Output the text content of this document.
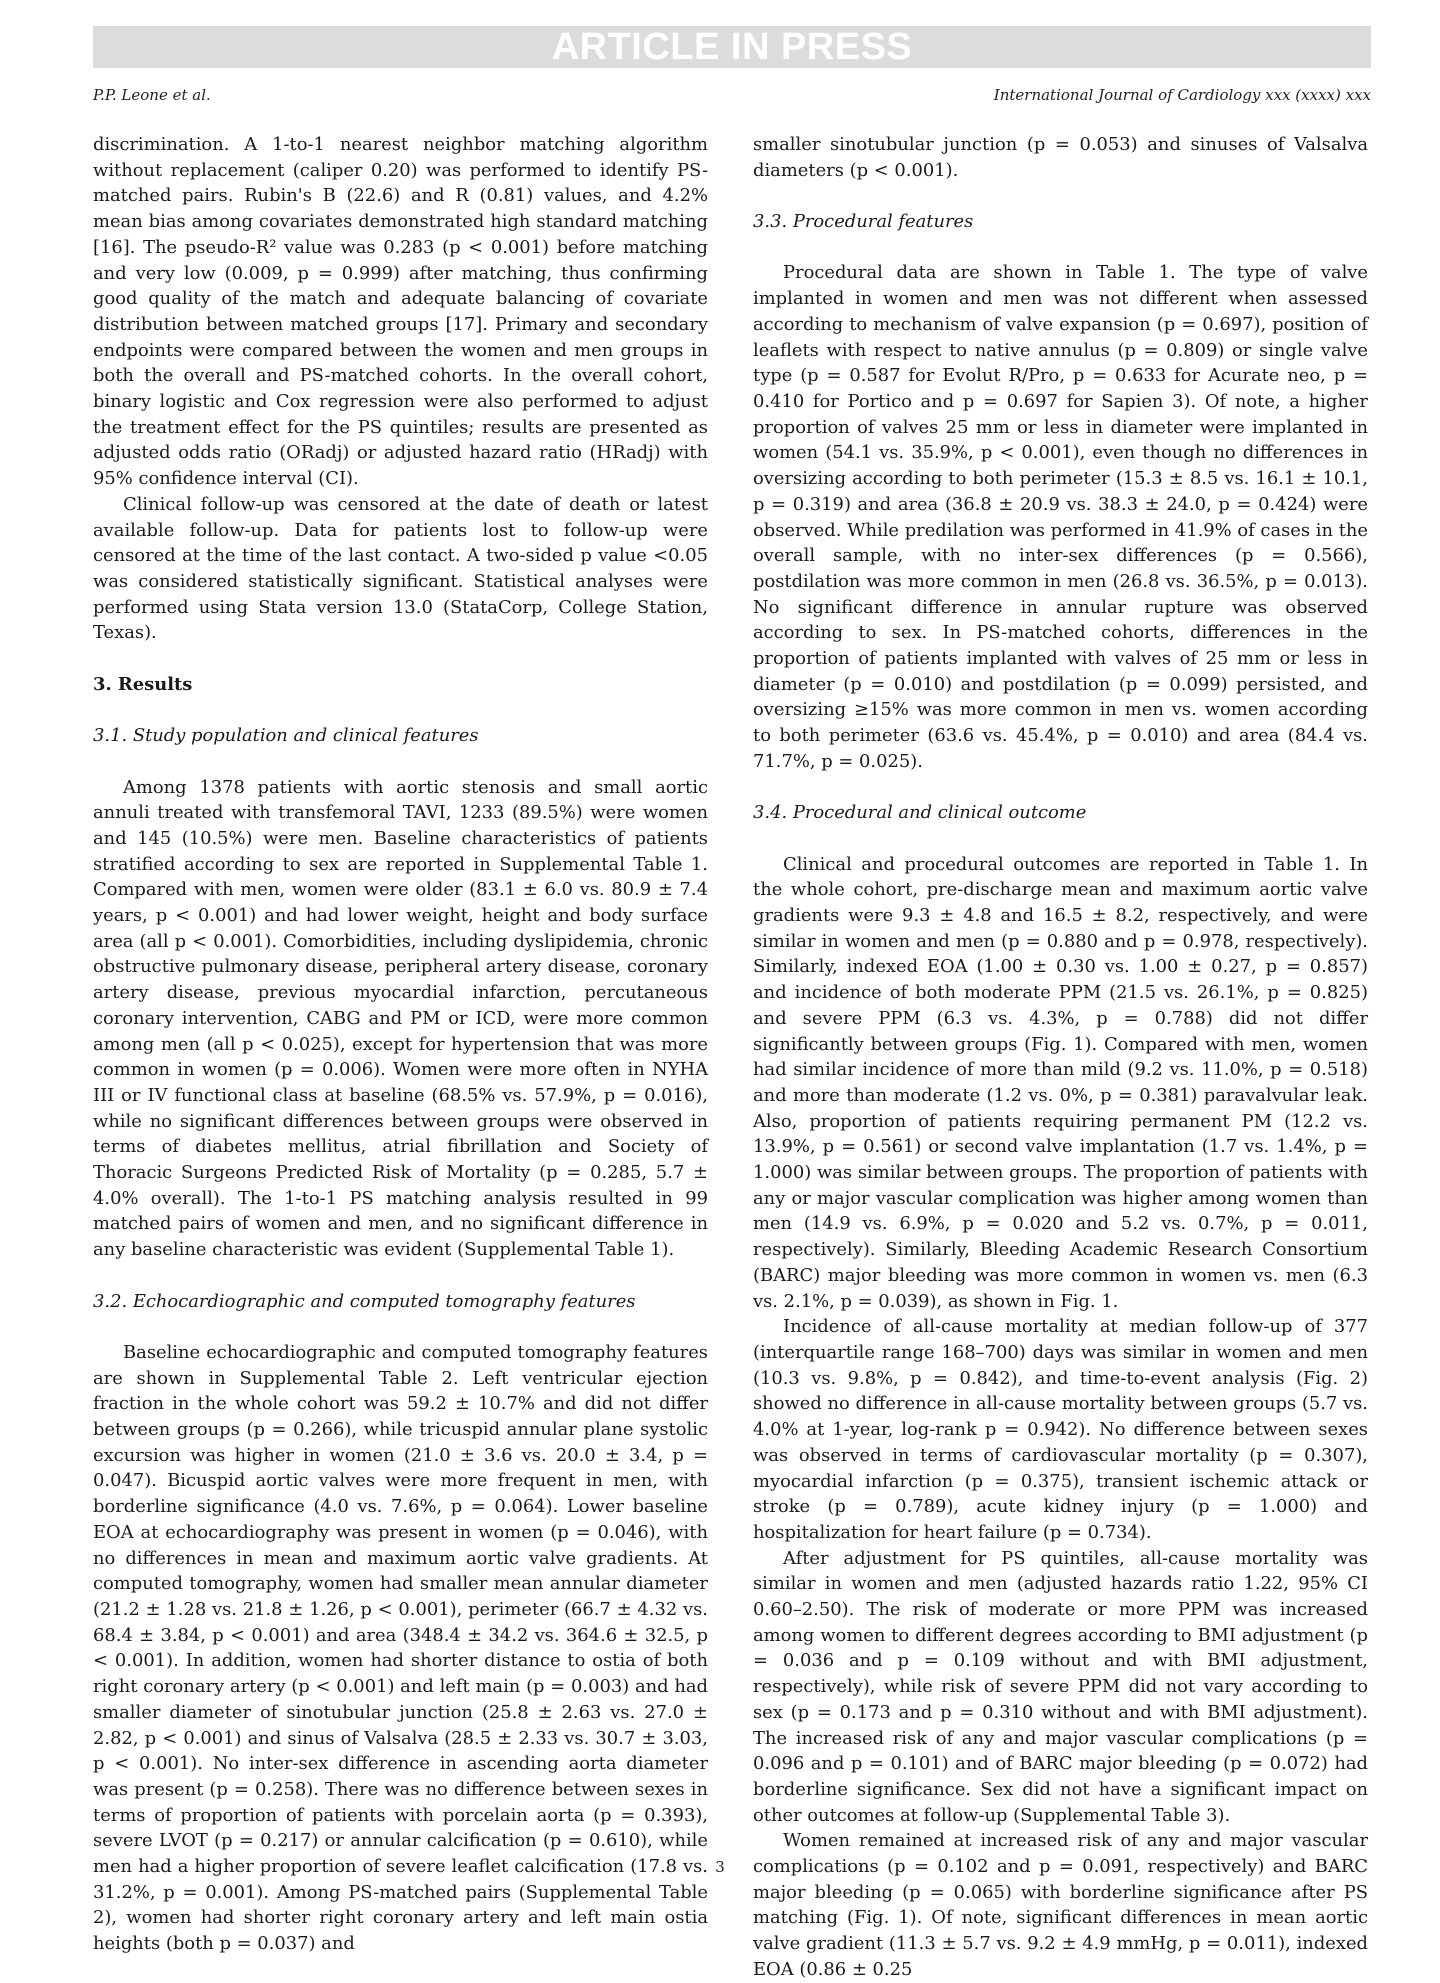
ARTICLE IN PRESS
P.P. Leone et al.	International Journal of Cardiology xxx (xxxx) xxx

discrimination. A 1-to-1 nearest neighbor matching algorithm without replacement (caliper 0.20) was performed to identify PS-matched pairs. Rubin's B (22.6) and R (0.81) values, and 4.2% mean bias among covariates demonstrated high standard matching [16]. The pseudo-R² value was 0.283 (p < 0.001) before matching and very low (0.009, p = 0.999) after matching, thus confirming good quality of the match and adequate balancing of covariate distribution between matched groups [17]. Primary and secondary endpoints were compared between the women and men groups in both the overall and PS-matched cohorts. In the overall cohort, binary logistic and Cox regression were also performed to adjust the treatment effect for the PS quintiles; results are presented as adjusted odds ratio (ORadj) or adjusted hazard ratio (HRadj) with 95% confidence interval (CI).

Clinical follow-up was censored at the date of death or latest available follow-up. Data for patients lost to follow-up were censored at the time of the last contact. A two-sided p value <0.05 was considered statistically significant. Statistical analyses were performed using Stata version 13.0 (StataCorp, College Station, Texas).

3. Results
3.1. Study population and clinical features

Among 1378 patients with aortic stenosis and small aortic annuli treated with transfemoral TAVI, 1233 (89.5%) were women and 145 (10.5%) were men. Baseline characteristics of patients stratified according to sex are reported in Supplemental Table 1. Compared with men, women were older (83.1 ± 6.0 vs. 80.9 ± 7.4 years, p < 0.001) and had lower weight, height and body surface area (all p < 0.001). Comorbidities, including dyslipidemia, chronic obstructive pulmonary disease, peripheral artery disease, coronary artery disease, previous myocardial infarction, percutaneous coronary intervention, CABG and PM or ICD, were more common among men (all p < 0.025), except for hypertension that was more common in women (p = 0.006). Women were more often in NYHA III or IV functional class at baseline (68.5% vs. 57.9%, p = 0.016), while no significant differences between groups were observed in terms of diabetes mellitus, atrial fibrillation and Society of Thoracic Surgeons Predicted Risk of Mortality (p = 0.285, 5.7 ± 4.0% overall). The 1-to-1 PS matching analysis resulted in 99 matched pairs of women and men, and no significant difference in any baseline characteristic was evident (Supplemental Table 1).

3.2. Echocardiographic and computed tomography features

Baseline echocardiographic and computed tomography features are shown in Supplemental Table 2. Left ventricular ejection fraction in the whole cohort was 59.2 ± 10.7% and did not differ between groups (p = 0.266), while tricuspid annular plane systolic excursion was higher in women (21.0 ± 3.6 vs. 20.0 ± 3.4, p = 0.047). Bicuspid aortic valves were more frequent in men, with borderline significance (4.0 vs. 7.6%, p = 0.064). Lower baseline EOA at echocardiography was present in women (p = 0.046), with no differences in mean and maximum aortic valve gradients. At computed tomography, women had smaller mean annular diameter (21.2 ± 1.28 vs. 21.8 ± 1.26, p < 0.001), perimeter (66.7 ± 4.32 vs. 68.4 ± 3.84, p < 0.001) and area (348.4 ± 34.2 vs. 364.6 ± 32.5, p < 0.001). In addition, women had shorter distance to ostia of both right coronary artery (p < 0.001) and left main (p = 0.003) and had smaller diameter of sinotubular junction (25.8 ± 2.63 vs. 27.0 ± 2.82, p < 0.001) and sinus of Valsalva (28.5 ± 2.33 vs. 30.7 ± 3.03, p < 0.001). No inter-sex difference in ascending aorta diameter was present (p = 0.258). There was no difference between sexes in terms of proportion of patients with porcelain aorta (p = 0.393), severe LVOT (p = 0.217) or annular calcification (p = 0.610), while men had a higher proportion of severe leaflet calcification (17.8 vs. 31.2%, p = 0.001). Among PS-matched pairs (Supplemental Table 2), women had shorter right coronary artery and left main ostia heights (both p = 0.037) and

smaller sinotubular junction (p = 0.053) and sinuses of Valsalva diameters (p < 0.001).

3.3. Procedural features

Procedural data are shown in Table 1. The type of valve implanted in women and men was not different when assessed according to mechanism of valve expansion (p = 0.697), position of leaflets with respect to native annulus (p = 0.809) or single valve type (p = 0.587 for Evolut R/Pro, p = 0.633 for Acurate neo, p = 0.410 for Portico and p = 0.697 for Sapien 3). Of note, a higher proportion of valves 25 mm or less in diameter were implanted in women (54.1 vs. 35.9%, p < 0.001), even though no differences in oversizing according to both perimeter (15.3 ± 8.5 vs. 16.1 ± 10.1, p = 0.319) and area (36.8 ± 20.9 vs. 38.3 ± 24.0, p = 0.424) were observed. While predilation was performed in 41.9% of cases in the overall sample, with no inter-sex differences (p = 0.566), postdilation was more common in men (26.8 vs. 36.5%, p = 0.013). No significant difference in annular rupture was observed according to sex. In PS-matched cohorts, differences in the proportion of patients implanted with valves of 25 mm or less in diameter (p = 0.010) and postdilation (p = 0.099) persisted, and oversizing ≥15% was more common in men vs. women according to both perimeter (63.6 vs. 45.4%, p = 0.010) and area (84.4 vs. 71.7%, p = 0.025).

3.4. Procedural and clinical outcome

Clinical and procedural outcomes are reported in Table 1. In the whole cohort, pre-discharge mean and maximum aortic valve gradients were 9.3 ± 4.8 and 16.5 ± 8.2, respectively, and were similar in women and men (p = 0.880 and p = 0.978, respectively). Similarly, indexed EOA (1.00 ± 0.30 vs. 1.00 ± 0.27, p = 0.857) and incidence of both moderate PPM (21.5 vs. 26.1%, p = 0.825) and severe PPM (6.3 vs. 4.3%, p = 0.788) did not differ significantly between groups (Fig. 1). Compared with men, women had similar incidence of more than mild (9.2 vs. 11.0%, p = 0.518) and more than moderate (1.2 vs. 0%, p = 0.381) paravalvular leak. Also, proportion of patients requiring permanent PM (12.2 vs. 13.9%, p = 0.561) or second valve implantation (1.7 vs. 1.4%, p = 1.000) was similar between groups. The proportion of patients with any or major vascular complication was higher among women than men (14.9 vs. 6.9%, p = 0.020 and 5.2 vs. 0.7%, p = 0.011, respectively). Similarly, Bleeding Academic Research Consortium (BARC) major bleeding was more common in women vs. men (6.3 vs. 2.1%, p = 0.039), as shown in Fig. 1.

Incidence of all-cause mortality at median follow-up of 377 (interquartile range 168–700) days was similar in women and men (10.3 vs. 9.8%, p = 0.842), and time-to-event analysis (Fig. 2) showed no difference in all-cause mortality between groups (5.7 vs. 4.0% at 1-year, log-rank p = 0.942). No difference between sexes was observed in terms of cardiovascular mortality (p = 0.307), myocardial infarction (p = 0.375), transient ischemic attack or stroke (p = 0.789), acute kidney injury (p = 1.000) and hospitalization for heart failure (p = 0.734).

After adjustment for PS quintiles, all-cause mortality was similar in women and men (adjusted hazards ratio 1.22, 95% CI 0.60–2.50). The risk of moderate or more PPM was increased among women to different degrees according to BMI adjustment (p = 0.036 and p = 0.109 without and with BMI adjustment, respectively), while risk of severe PPM did not vary according to sex (p = 0.173 and p = 0.310 without and with BMI adjustment). The increased risk of any and major vascular complications (p = 0.096 and p = 0.101) and of BARC major bleeding (p = 0.072) had borderline significance. Sex did not have a significant impact on other outcomes at follow-up (Supplemental Table 3).

Women remained at increased risk of any and major vascular complications (p = 0.102 and p = 0.091, respectively) and BARC major bleeding (p = 0.065) with borderline significance after PS matching (Fig. 1). Of note, significant differences in mean aortic valve gradient (11.3 ± 5.7 vs. 9.2 ± 4.9 mmHg, p = 0.011), indexed EOA (0.86 ± 0.25

3
